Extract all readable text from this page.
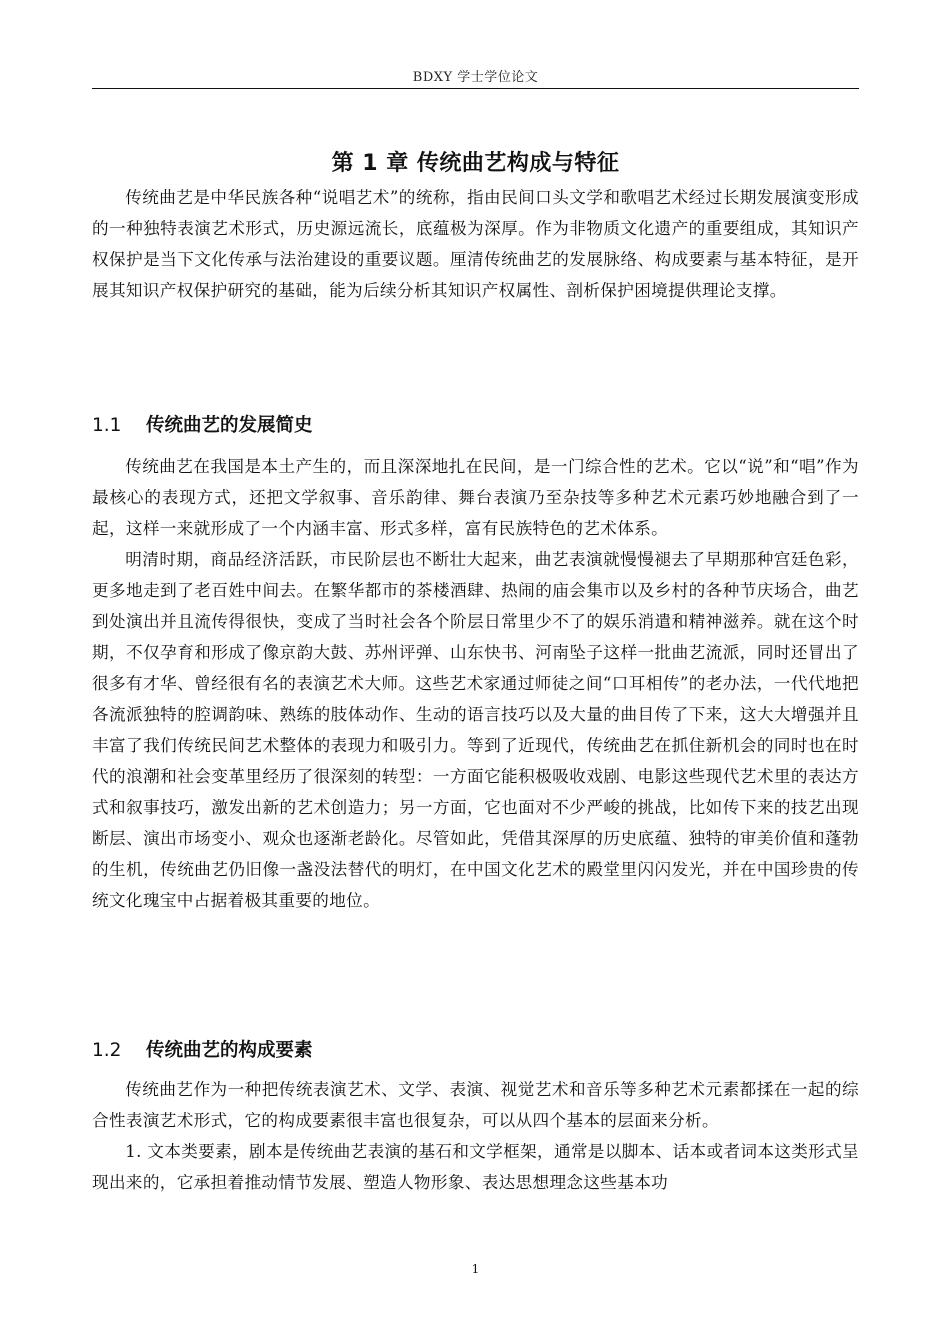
BDXY 学士学位论文
第 1 章 传统曲艺构成与特征

传统曲艺是中华民族各种“说唱艺术”的统称，指由民间口头文学和歌唱艺术经过长期发展演变形成的一种独特表演艺术形式，历史源远流长，底蕴极为深厚。作为非物质文化遗产的重要组成，其知识产权保护是当下文化传承与法治建设的重要议题。厘清传统曲艺的发展脉络、构成要素与基本特征，是开展其知识产权保护研究的基础，能为后续分析其知识产权属性、剖析保护困境提供理论支撑。

1.1 传统曲艺的发展简史

传统曲艺在我国是本土产生的，而且深深地扎在民间，是一门综合性的艺术。它以“说”和“唱”作为最核心的表现方式，还把文学叙事、音乐韵律、舞台表演乃至杂技等多种艺术元素巧妙地融合到了一起，这样一来就形成了一个内涵丰富、形式多样，富有民族特色的艺术体系。

明清时期，商品经济活跃，市民阶层也不断壮大起来，曲艺表演就慢慢褪去了早期那种宫廷色彩，更多地走到了老百姓中间去。在繁华都市的茶楼酒肆、热闹的庙会集市以及乡村的各种节庆场合，曲艺到处演出并且流传得很快，变成了当时社会各个阶层日常里少不了的娱乐消遣和精神滋养。就在这个时期，不仅孕育和形成了像京韵大鼓、苏州评弹、山东快书、河南坠子这样一批曲艺流派，同时还冒出了很多有才华、曾经很有名的表演艺术大师。这些艺术家通过师徒之间“口耳相传”的老办法，一代代地把各流派独特的腔调韵味、熟练的肢体动作、生动的语言技巧以及大量的曲目传了下来，这大大增强并且丰富了我们传统民间艺术整体的表现力和吸引力。等到了近现代，传统曲艺在抓住新机会的同时也在时代的浪潮和社会变革里经历了很深刻的转型：一方面它能积极吸收戏剧、电影这些现代艺术里的表达方式和叙事技巧，激发出新的艺术创造力；另一方面，它也面对不少严峻的挑战，比如传下来的技艺出现断层、演出市场变小、观众也逐渐老龄化。尽管如此，凭借其深厚的历史底蕴、独特的审美价值和蓬勃的生机，传统曲艺仍旧像一盏没法替代的明灯，在中国文化艺术的殿堂里闪闪发光，并在中国珍贵的传统文化瑰宝中占据着极其重要的地位。

1.2 传统曲艺的构成要素

传统曲艺作为一种把传统表演艺术、文学、表演、视觉艺术和音乐等多种艺术元素都揉在一起的综合性表演艺术形式，它的构成要素很丰富也很复杂，可以从四个基本的层面来分析。

1. 文本类要素，剧本是传统曲艺表演的基石和文学框架，通常是以脚本、话本或者词本这类形式呈现出来的，它承担着推动情节发展、塑造人物形象、表达思想理念这些基本功

1
